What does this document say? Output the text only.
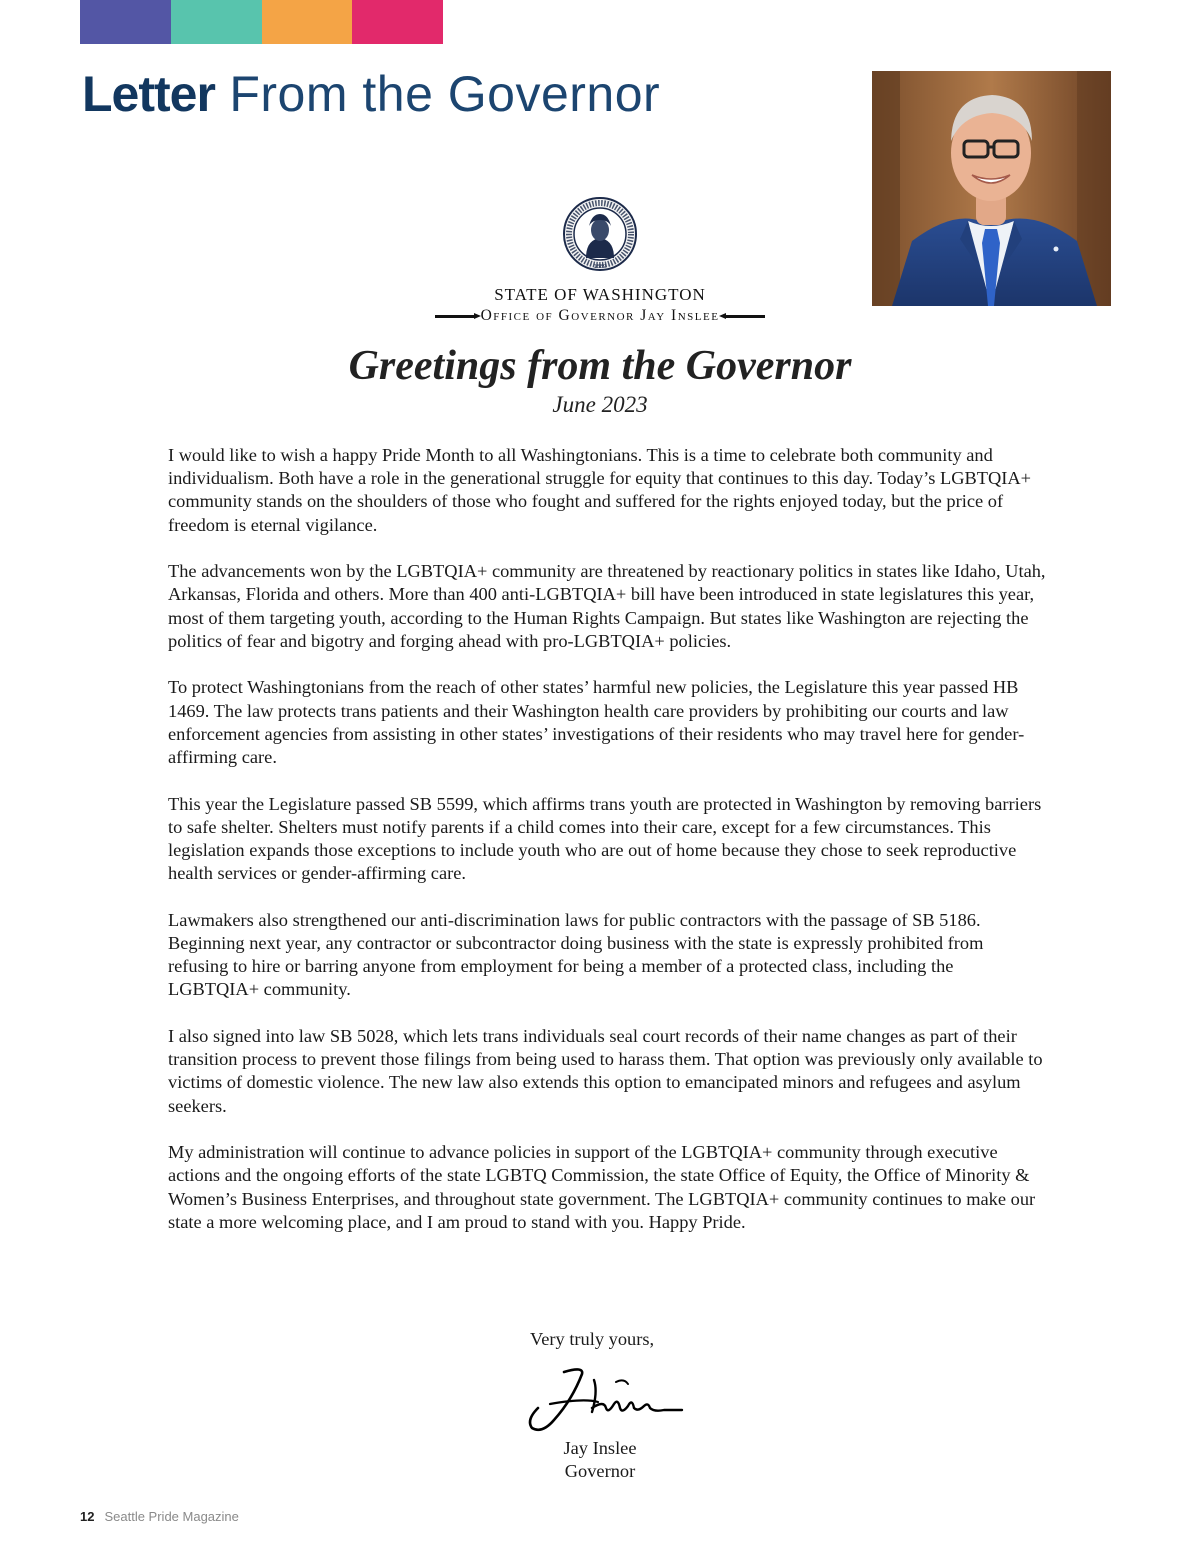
Letter From the Governor
1889
STATE OF WASHINGTON
Office of Governor Jay Inslee
Greetings from the Governor
June 2023

I would like to wish a happy Pride Month to all Washingtonians. This is a time to celebrate both community and individualism. Both have a role in the generational struggle for equity that continues to this day. Today’s LGBTQIA+ community stands on the shoulders of those who fought and suffered for the rights enjoyed today, but the price of freedom is eternal vigilance.

The advancements won by the LGBTQIA+ community are threatened by reactionary politics in states like Idaho, Utah, Arkansas, Florida and others. More than 400 anti-LGBTQIA+ bill have been introduced in state legislatures this year, most of them targeting youth, according to the Human Rights Campaign. But states like Washington are rejecting the politics of fear and bigotry and forging ahead with pro-LGBTQIA+ policies.

To protect Washingtonians from the reach of other states’ harmful new policies, the Legislature this year passed HB 1469. The law protects trans patients and their Washington health care providers by prohibiting our courts and law enforcement agencies from assisting in other states’ investigations of their residents who may travel here for gender-affirming care.

This year the Legislature passed SB 5599, which affirms trans youth are protected in Washington by removing barriers to safe shelter. Shelters must notify parents if a child comes into their care, except for a few circumstances. This legislation expands those exceptions to include youth who are out of home because they chose to seek reproductive health services or gender-affirming care.

Lawmakers also strengthened our anti-discrimination laws for public contractors with the passage of SB 5186. Beginning next year, any contractor or subcontractor doing business with the state is expressly prohibited from refusing to hire or barring anyone from employment for being a member of a protected class, including the LGBTQIA+ community.

I also signed into law SB 5028, which lets trans individuals seal court records of their name changes as part of their transition process to prevent those filings from being used to harass them. That option was previously only available to victims of domestic violence. The new law also extends this option to emancipated minors and refugees and asylum seekers.

My administration will continue to advance policies in support of the LGBTQIA+ community through executive actions and the ongoing efforts of the state LGBTQ Commission, the state Office of Equity, the Office of Minority & Women’s Business Enterprises, and throughout state government. The LGBTQIA+ community continues to make our state a more welcoming place, and I am proud to stand with you. Happy Pride.

Very truly yours,
Jay Inslee
Governor
12 Seattle Pride Magazine
